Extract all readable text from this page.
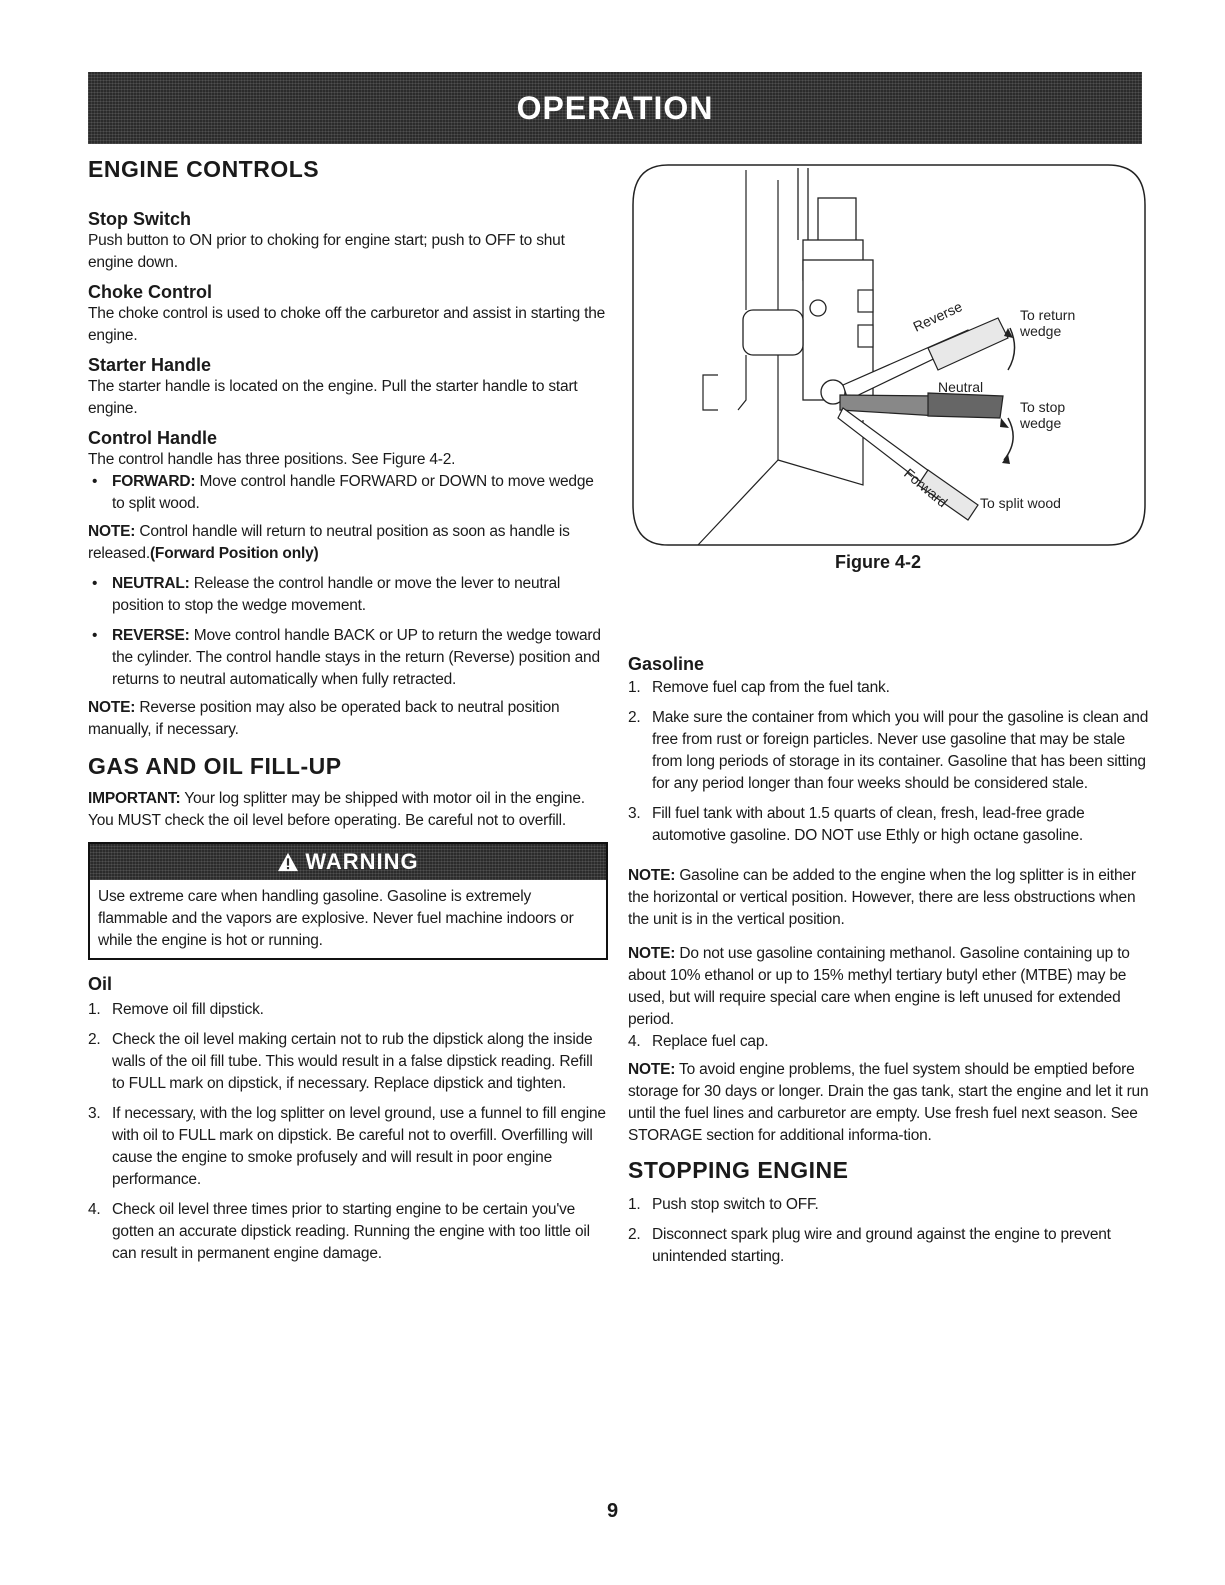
OPERATION
ENGINE CONTROLS
Stop Switch

Push button to ON prior to choking for engine start; push to OFF to shut engine down.

Choke Control

The choke control is used to choke off the carburetor and assist in starting the engine.

Starter Handle

The starter handle is located on the engine. Pull the starter handle to start engine.

Control Handle

The control handle has three positions. See Figure 4-2.

• FORWARD: Move control handle FORWARD or DOWN to move wedge to split wood.

NOTE: Control handle will return to neutral position as soon as handle is released.(Forward Position only)

• NEUTRAL: Release the control handle or move the lever to neutral position to stop the wedge movement.

• REVERSE: Move control handle BACK or UP to return the wedge toward the cylinder. The control handle stays in the return (Reverse) position and returns to neutral automatically when fully retracted.

NOTE: Reverse position may also be operated back to neutral position manually, if necessary.

GAS AND OIL FILL-UP

IMPORTANT: Your log splitter may be shipped with motor oil in the engine. You MUST check the oil level before operating. Be careful not to overfill.

WARNING

Use extreme care when handling gasoline. Gasoline is extremely flammable and the vapors are explosive. Never fuel machine indoors or while the engine is hot or running.

Oil

1. Remove oil fill dipstick.

2. Check the oil level making certain not to rub the dipstick along the inside walls of the oil fill tube. This would result in a false dipstick reading. Refill to FULL mark on dipstick, if necessary. Replace dipstick and tighten.

3. If necessary, with the log splitter on level ground, use a funnel to fill engine with oil to FULL mark on dipstick. Be careful not to overfill. Overfilling will cause the engine to smoke profusely and will result in poor engine performance.

4. Check oil level three times prior to starting engine to be certain you've gotten an accurate dipstick reading. Running the engine with too little oil can result in permanent engine damage.

Reverse
Neutral
Forward
To return
wedge
To stop
wedge
To split wood
Figure 4-2
Gasoline

1. Remove fuel cap from the fuel tank.

2. Make sure the container from which you will pour the gasoline is clean and free from rust or foreign particles. Never use gasoline that may be stale from long periods of storage in its container. Gasoline that has been sitting for any period longer than four weeks should be considered stale.

3. Fill fuel tank with about 1.5 quarts of clean, fresh, lead-free grade automotive gasoline. DO NOT use Ethly or high octane gasoline.

NOTE: Gasoline can be added to the engine when the log splitter is in either the horizontal or vertical position. However, there are less obstructions when the unit is in the vertical position.

NOTE: Do not use gasoline containing methanol. Gasoline containing up to about 10% ethanol or up to 15% methyl tertiary butyl ether (MTBE) may be used, but will require special care when engine is left unused for extended period.

4. Replace fuel cap.

NOTE: To avoid engine problems, the fuel system should be emptied before storage for 30 days or longer. Drain the gas tank, start the engine and let it run until the fuel lines and carburetor are empty. Use fresh fuel next season. See STORAGE section for additional informa-tion.

STOPPING ENGINE

1. Push stop switch to OFF.

2. Disconnect spark plug wire and ground against the engine to prevent unintended starting.

9
